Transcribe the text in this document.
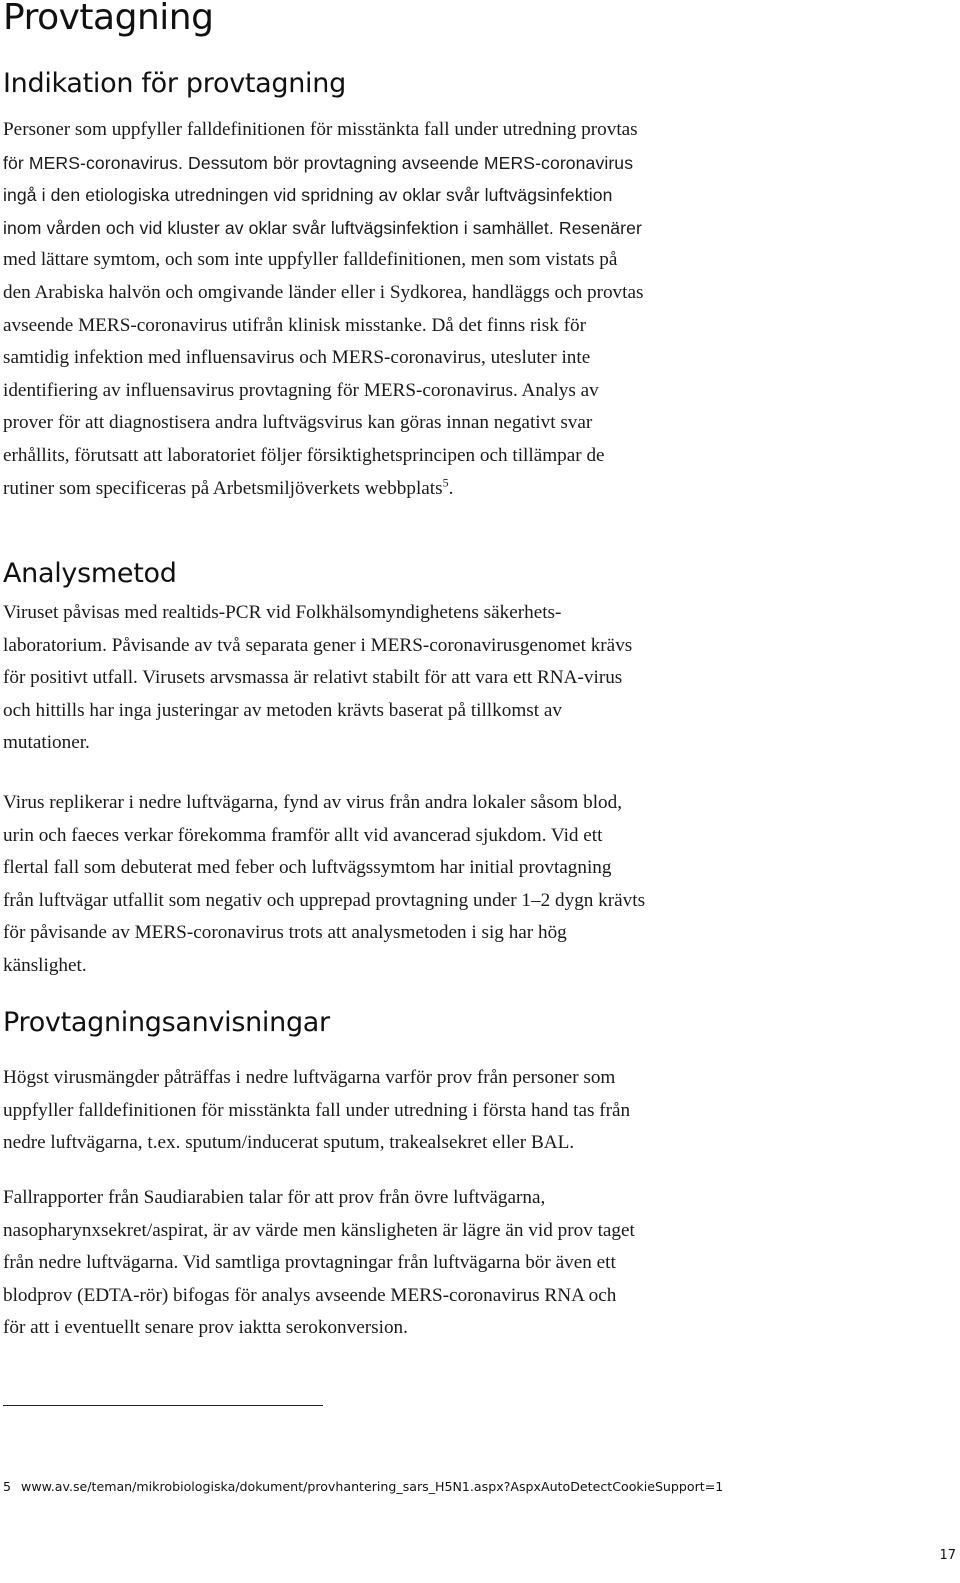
Provtagning
Indikation för provtagning
Personer som uppfyller falldefinitionen för misstänkta fall under utredning provtas
för MERS-coronavirus. Dessutom bör provtagning avseende MERS-coronavirus
ingå i den etiologiska utredningen vid spridning av oklar svår luftvägsinfektion
inom vården och vid kluster av oklar svår luftvägsinfektion i samhället. Resenärer
med lättare symtom, och som inte uppfyller falldefinitionen, men som vistats på
den Arabiska halvön och omgivande länder eller i Sydkorea, handläggs och provtas
avseende MERS-coronavirus utifrån klinisk misstanke. Då det finns risk för
samtidig infektion med influensavirus och MERS-coronavirus, utesluter inte
identifiering av influensavirus provtagning för MERS-coronavirus. Analys av
prover för att diagnostisera andra luftvägsvirus kan göras innan negativt svar
erhållits, förutsatt att laboratoriet följer försiktighetsprincipen och tillämpar de
rutiner som specificeras på Arbetsmiljöverkets webbplats$^5$.
Analysmetod
Viruset påvisas med realtids-PCR vid Folkhälsomyndighetens säkerhets-
laboratorium. Påvisande av två separata gener i MERS-coronavirusgenomet krävs
för positivt utfall. Virusets arvsmassa är relativt stabilt för att vara ett RNA-virus
och hittills har inga justeringar av metoden krävts baserat på tillkomst av
mutationer.
Virus replikerar i nedre luftvägarna, fynd av virus från andra lokaler såsom blod,
urin och faeces verkar förekomma framför allt vid avancerad sjukdom. Vid ett
flertal fall som debuterat med feber och luftvägssymtom har initial provtagning
från luftvägar utfallit som negativ och upprepad provtagning under 1–2 dygn krävts
för påvisande av MERS-coronavirus trots att analysmetoden i sig har hög
känslighet.
Provtagningsanvisningar
Högst virusmängder påträffas i nedre luftvägarna varför prov från personer som
uppfyller falldefinitionen för misstänkta fall under utredning i första hand tas från
nedre luftvägarna, t.ex. sputum/inducerat sputum, trakealsekret eller BAL.
Fallrapporter från Saudiarabien talar för att prov från övre luftvägarna,
nasopharynxsekret/aspirat, är av värde men känsligheten är lägre än vid prov taget
från nedre luftvägarna. Vid samtliga provtagningar från luftvägarna bör även ett
blodprov (EDTA-rör) bifogas för analys avseende MERS-coronavirus RNA och
för att i eventuellt senare prov iaktta serokonversion.
5 www.av.se/teman/mikrobiologiska/dokument/provhantering_sars_H5N1.aspx?AspxAutoDetectCookieSupport=1
17
